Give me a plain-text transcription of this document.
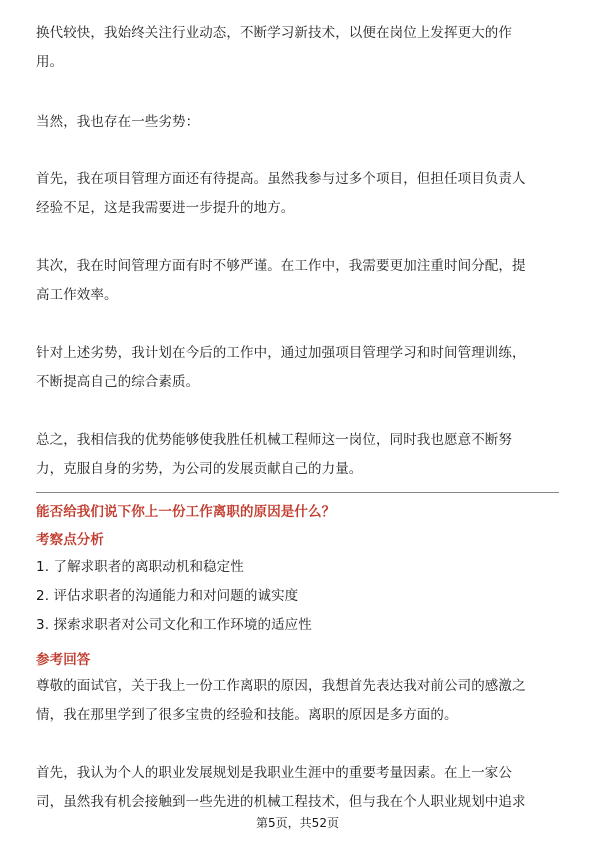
换代较快，我始终关注行业动态，不断学习新技术，以便在岗位上发挥更大的作
用。
当然，我也存在一些劣势：
首先，我在项目管理方面还有待提高。虽然我参与过多个项目，但担任项目负责人
经验不足，这是我需要进一步提升的地方。
其次，我在时间管理方面有时不够严谨。在工作中，我需要更加注重时间分配，提
高工作效率。
针对上述劣势，我计划在今后的工作中，通过加强项目管理学习和时间管理训练，
不断提高自己的综合素质。
总之，我相信我的优势能够使我胜任机械工程师这一岗位，同时我也愿意不断努
力，克服自身的劣势，为公司的发展贡献自己的力量。
能否给我们说下你上一份工作离职的原因是什么？
考察点分析
1. 了解求职者的离职动机和稳定性
2. 评估求职者的沟通能力和对问题的诚实度
3. 探索求职者对公司文化和工作环境的适应性
参考回答
尊敬的面试官，关于我上一份工作离职的原因，我想首先表达我对前公司的感激之
情，我在那里学到了很多宝贵的经验和技能。离职的原因是多方面的。
首先，我认为个人的职业发展规划是我职业生涯中的重要考量因素。在上一家公
司，虽然我有机会接触到一些先进的机械工程技术，但与我在个人职业规划中追求
第5页，共52页
